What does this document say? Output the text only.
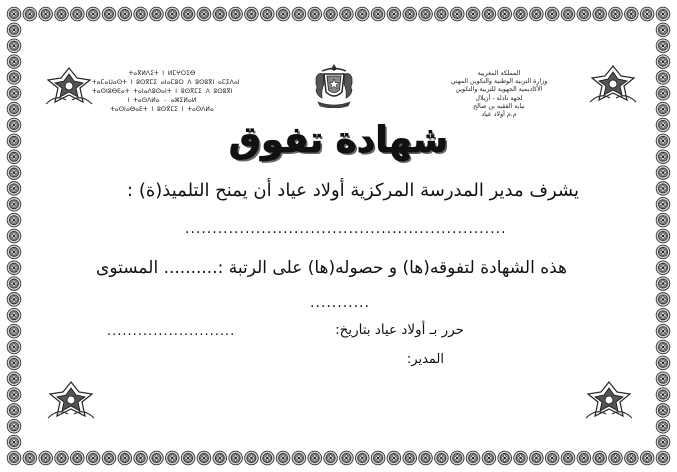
ⵜⴰⴳⵍⴷⵉⵜ ⵏ ⵍⵎⵖⵔⵉⴱ
ⵜⴰⵎⴰⵡⴰⵙⵜ ⵏ ⵓⵙⴳⵎⵉ ⴰⵏⴰⵎⵓⵔ ⴷ ⵓⵙⵓⴳⵏ ⴰⵎⵉⴷⴰⵏ
ⵜⴰⵙⵏⵓⴱⴹⴰⵜ ⵜⴰⵏⴰⴷⵓⵙⴰⵏⵜ ⵏ ⵓⵙⴳⵎⵉ ⴷ ⵓⵙⵓⴳⵏ
ⵏ ⵜⴰⵙⴷⵍⴰ - ⴰⵣⵉⵍⴰⵍ
ⵜⴰⵙⵏⴰⴱⴰⴹⵜ ⵏ ⵓⵙⴳⵎⵉ ⵏ ⵜⴰⵙⴷⵍⴰ
المملكة المغربية
وزارة التربية الوطنية والتكوين المهني
الأكاديمية الجهوية للتربية والتكوين
لجهة تادلة - أزيلال
نيابة الفقيه بن صالح
م.م أولاد عياد
شهادة تفوق
يشرف مدير المدرسة المركزية أولاد عياد أن يمنح التلميذ(ة) :
...........................................................
هذه الشهادة لتفوقه(ها) و حصوله(ها) على الرتبة :.......... المستوى
...........
حرر بـ أولاد عياد بتاريخ:
.........................
المدير:
